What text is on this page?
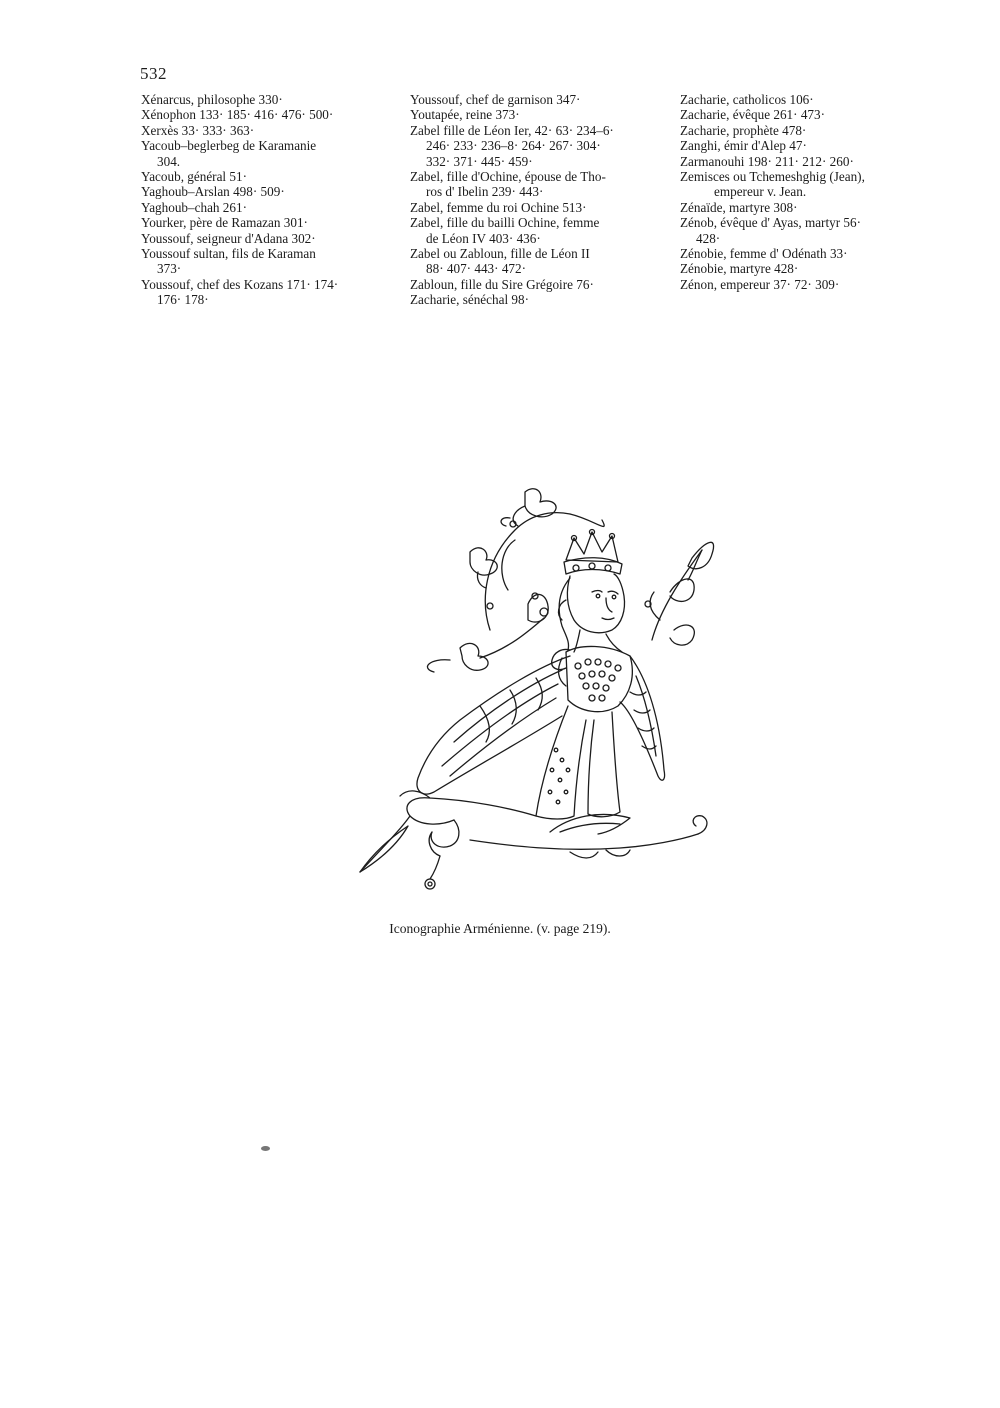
532
Xénarcus, philosophe 330·
Xénophon 133· 185· 416· 476· 500·
Xerxès 33· 333· 363·
Yacoub–beglerbeg de Karamanie
304.
Yacoub, général 51·
Yaghoub–Arslan 498· 509·
Yaghoub–chah 261·
Yourker, père de Ramazan 301·
Youssouf, seigneur d'Adana 302·
Youssouf sultan, fils de Karaman
373·
Youssouf, chef des Kozans 171· 174·
176· 178·
Youssouf, chef de garnison 347·
Youtapée, reine 373·
Zabel fille de Léon Ier, 42· 63· 234–6·
246· 233· 236–8· 264· 267· 304·
332· 371· 445· 459·
Zabel, fille d'Ochine, épouse de Tho-
ros d' Ibelin 239· 443·
Zabel, femme du roi Ochine 513·
Zabel, fille du bailli Ochine, femme
de Léon IV 403· 436·
Zabel ou Zabloun, fille de Léon II
88· 407· 443· 472·
Zabloun, fille du Sire Grégoire 76·
Zacharie, sénéchal 98·
Zacharie, catholicos 106·
Zacharie, évêque 261· 473·
Zacharie, prophète 478·
Zanghi, émir d'Alep 47·
Zarmanouhi 198· 211· 212· 260·
Zemisces ou Tchemeshghig (Jean),
empereur v. Jean.
Zénaïde, martyre 308·
Zénob, évêque d' Ayas, martyr 56·
428·
Zénobie, femme d' Odénath 33·
Zénobie, martyre 428·
Zénon, empereur 37· 72· 309·
Iconographie Arménienne. (v. page 219).
